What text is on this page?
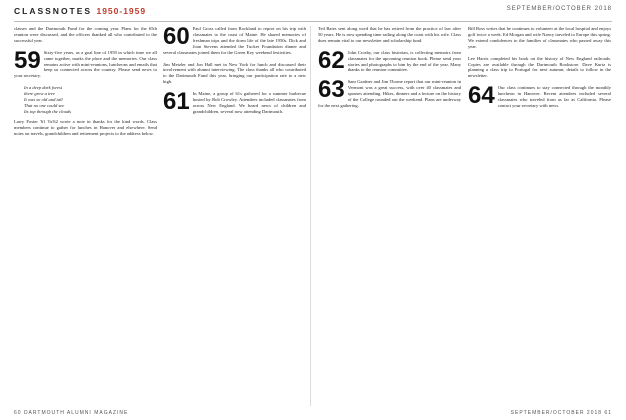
CLASSNOTES 1950-1959	SEPTEMBER/OCTOBER 2018

classes and the Dartmouth Fund for the coming year. Plans for the 65th reunion were discussed, and the officers thanked all who contributed to the successful year.

59 Sixty-five years, as a goal line of 1959 in which time we all came together, marks the place and the memories. Our class remains active with mini-reunions, luncheons and emails that keep us connected across the country. Please send news to your secretary.
In a deep dark forest
there grew a tree
It was so old and tall
That no one could see
Its top through the clouds

Larry Foster '61 Tu'62 wrote a note in thanks for the kind words. Class members continue to gather for lunches in Hanover and elsewhere. Send notes on travels, grandchildren and retirement projects to the address below.

60 Paul Gross called from Rockland to report on his trip with classmates to the coast of Maine. He shared memories of freshman trips and the dorm life of the late 1950s. Dick and Joan Stevens attended the Tucker Foundation dinner and several classmates joined them for the Green Key weekend festivities.

Jim Metzler and Jon Hall met in New York for lunch and discussed their involvement with alumni interviewing. The class thanks all who contributed to the Dartmouth Fund this year, bringing our participation rate to a new high.

61 In Maine, a group of 61s gathered for a summer barbecue hosted by Bob Crowley. Attendees included classmates from across New England. We heard news of children and grandchildren, several now attending Dartmouth.

Ted Bates sent along word that he has retired from the practice of law after 50 years. He is now spending time sailing along the coast with his wife. Class dues remain vital to our newsletter and scholarship fund.

62 John Crosby, our class historian, is collecting memoirs from classmates for the upcoming reunion book. Please send your stories and photographs to him by the end of the year. Many thanks to the reunion committee.
63 Sam Gardner and Jim Thorne report that our mini-reunion in Vermont was a great success, with over 40 classmates and spouses attending. Hikes, dinners and a lecture on the history of the College rounded out the weekend. Plans are underway for the next gathering.

Bill Ross writes that he continues to volunteer at the local hospital and enjoys golf twice a week. Ed Morgan and wife Nancy traveled to Europe this spring. We extend condolences to the families of classmates who passed away this year.

Lee Harris completed his book on the history of New England railroads. Copies are available through the Dartmouth Bookstore. Dave Kurtz is planning a class trip to Portugal for next autumn; details to follow in the newsletter.

64 Our class continues to stay connected through the monthly luncheon in Hanover. Recent attendees included several classmates who traveled from as far as California. Please contact your secretary with news.
60 DARTMOUTH ALUMNI MAGAZINE	SEPTEMBER/OCTOBER 2018 61
